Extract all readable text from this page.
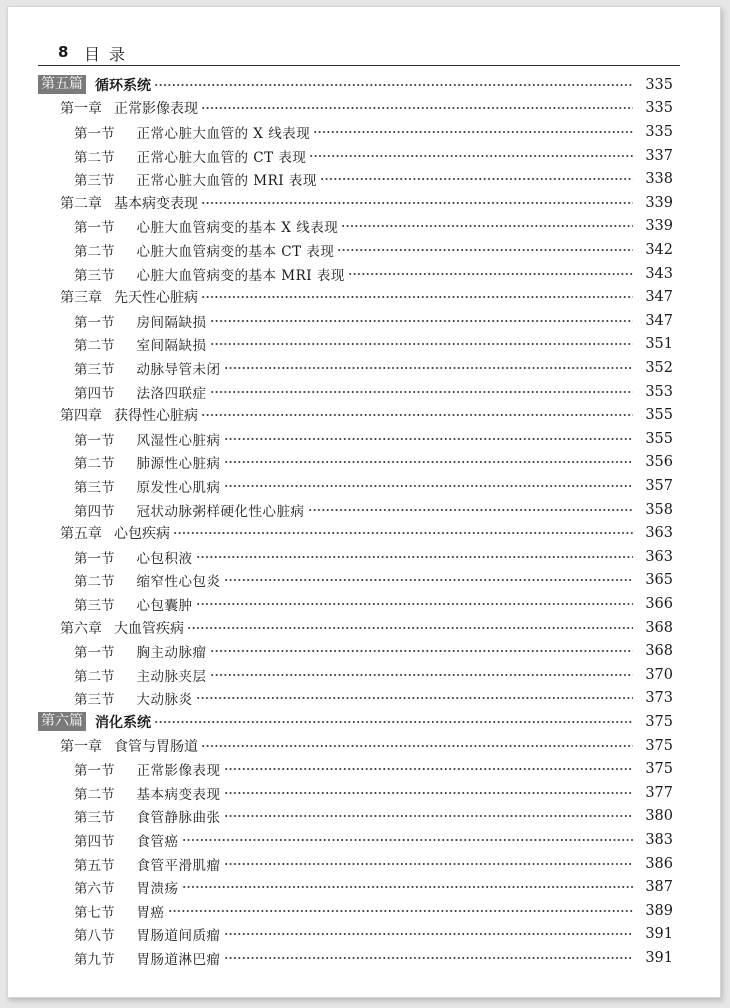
8 目录
第五篇 循环系统	335
第一章 正常影像表现	335
第一节 正常心脏大血管的 X 线表现	335
第二节 正常心脏大血管的 CT 表现	337
第三节 正常心脏大血管的 MRI 表现	338
第二章 基本病变表现	339
第一节 心脏大血管病变的基本 X 线表现	339
第二节 心脏大血管病变的基本 CT 表现	342
第三节 心脏大血管病变的基本 MRI 表现	343
第三章 先天性心脏病	347
第一节 房间隔缺损	347
第二节 室间隔缺损	351
第三节 动脉导管未闭	352
第四节 法洛四联症	353
第四章 获得性心脏病	355
第一节 风湿性心脏病	355
第二节 肺源性心脏病	356
第三节 原发性心肌病	357
第四节 冠状动脉粥样硬化性心脏病	358
第五章 心包疾病	363
第一节 心包积液	363
第二节 缩窄性心包炎	365
第三节 心包囊肿	366
第六章 大血管疾病	368
第一节 胸主动脉瘤	368
第二节 主动脉夹层	370
第三节 大动脉炎	373
第六篇 消化系统	375
第一章 食管与胃肠道	375
第一节 正常影像表现	375
第二节 基本病变表现	377
第三节 食管静脉曲张	380
第四节 食管癌	383
第五节 食管平滑肌瘤	386
第六节 胃溃疡	387
第七节 胃癌	389
第八节 胃肠道间质瘤	391
第九节 胃肠道淋巴瘤	391
